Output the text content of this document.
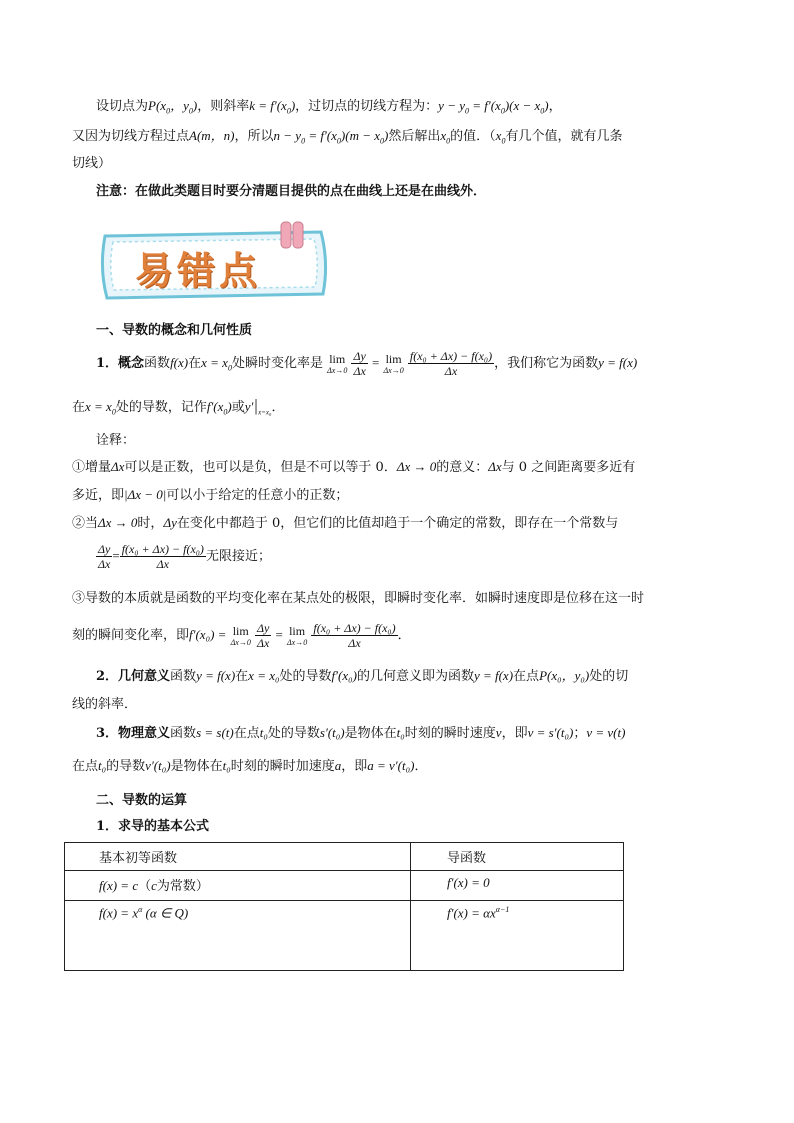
设切点为$P(x_0$，$y_0$)，则斜率$k = f'(x_0)$，过切点的切线方程为：$y - y_0 = f'(x_0)(x - x_0)$，
又因为切线方程过点A(m，n)，所以$n - y_0 = f'(x_0)(m - x_0)$然后解出$x_0$的值．（$x_0$有几个值，就有几条
切线）
注意：在做此类题目时要分清题目提供的点在曲线上还是在曲线外．
易错点
一、导数的概念和几何性质
1．概念函数f(x)在$x = x_0$处瞬时变化率是 lim
Δx→0
$\frac{\Delta y}{\Delta x} = \lim$
Δx→0
$\frac{\text{f(x₀ + Δx) − f(x₀)}}{\Delta x}$ ，我们称它为函数y = f(x)
在$x = x_0$处的导数，记作$f'(x_0)$或$y'|_{x=x_0}$．
诠释：
①增量Δx可以是正数，也可以是负，但是不可以等于 0．Δx → 0的意义：Δx与 0 之间距离要多近有
多近，即|Δx − 0|可以小于给定的任意小的正数；
②当Δx → 0时，Δy在变化中都趋于 0，但它们的比值却趋于一个确定的常数，即存在一个常数与
$\frac{\Delta y}{\Delta x} = \frac{\text{f(x₀ + Δx) − f(x₀)}}{\Delta x}$ 无限接近；
③导数的本质就是函数的平均变化率在某点处的极限，即瞬时变化率．如瞬时速度即是位移在这一时
刻的瞬间变化率，即f′(x₀) = lim
Δx→0
$\frac{\Delta y}{\Delta x} = \lim$
Δx→0
$\frac{\text{f(x₀ + Δx) − f(x₀)}}{\Delta x}$ ．
2．几何意义函数y = f(x)在x = x₀处的导数f′(x₀)的几何意义即为函数y = f(x)在点P(x₀，y₀)处的切
线的斜率．
3．物理意义函数s = s(t)在点t₀处的导数s′(t₀)是物体在t₀时刻的瞬时速度v，即v = s′(t₀)；v = v(t)
在点t₀的导数v′(t₀)是物体在t₀时刻的瞬时加速度a，即a = v′(t₀)．
二、导数的运算
1．求导的基本公式
基本初等函数	导函数
f(x) = c（c为常数）	f′(x) = 0
$f(x) = x^\alpha$ (α ∈ Q)	$f'(x) = \alpha x^{\alpha-1}$
